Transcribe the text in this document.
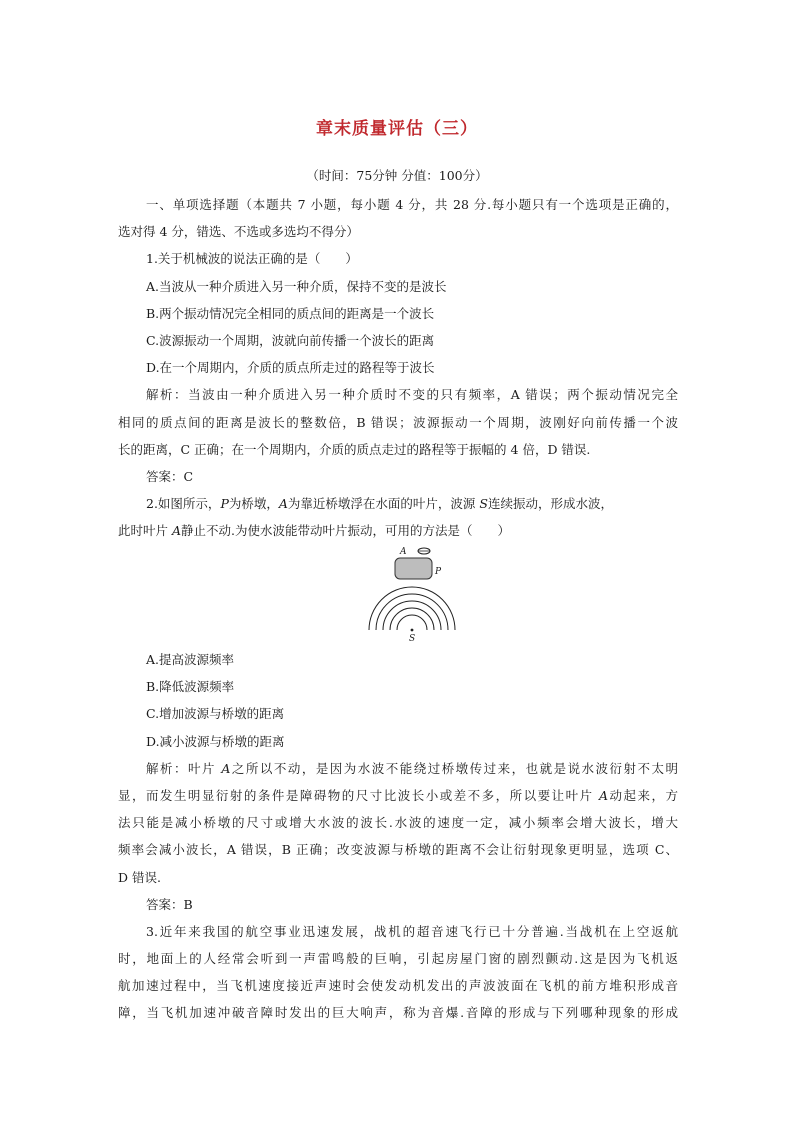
章末质量评估（三）
（时间：75分钟 分值：100分）

一、单项选择题（本题共 7 小题，每小题 4 分，共 28 分.每小题只有一个选项是正确的，

选对得 4 分，错选、不选或多选均不得分）

1.关于机械波的说法正确的是（　　）

A.当波从一种介质进入另一种介质，保持不变的是波长

B.两个振动情况完全相同的质点间的距离是一个波长

C.波源振动一个周期，波就向前传播一个波长的距离

D.在一个周期内，介质的质点所走过的路程等于波长

解析：当波由一种介质进入另一种介质时不变的只有频率，A 错误；两个振动情况完全

相同的质点间的距离是波长的整数倍，B 错误；波源振动一个周期，波刚好向前传播一个波

长的距离，C 正确；在一个周期内，介质的质点走过的路程等于振幅的 4 倍，D 错误.

答案：C

2.如图所示，P为桥墩，A为靠近桥墩浮在水面的叶片，波源 S连续振动，形成水波，

此时叶片 A静止不动.为使水波能带动叶片振动，可用的方法是（　　）

A
P
S

A.提高波源频率

B.降低波源频率

C.增加波源与桥墩的距离

D.减小波源与桥墩的距离

解析：叶片 A之所以不动，是因为水波不能绕过桥墩传过来，也就是说水波衍射不太明

显，而发生明显衍射的条件是障碍物的尺寸比波长小或差不多，所以要让叶片 A动起来，方

法只能是减小桥墩的尺寸或增大水波的波长.水波的速度一定，减小频率会增大波长，增大

频率会减小波长，A 错误，B 正确；改变波源与桥墩的距离不会让衍射现象更明显，选项 C、

D 错误.

答案：B

3.近年来我国的航空事业迅速发展，战机的超音速飞行已十分普遍.当战机在上空返航

时，地面上的人经常会听到一声雷鸣般的巨响，引起房屋门窗的剧烈颤动.这是因为飞机返

航加速过程中，当飞机速度接近声速时会使发动机发出的声波波面在飞机的前方堆积形成音

障，当飞机加速冲破音障时发出的巨大响声，称为音爆.音障的形成与下列哪种现象的形成
